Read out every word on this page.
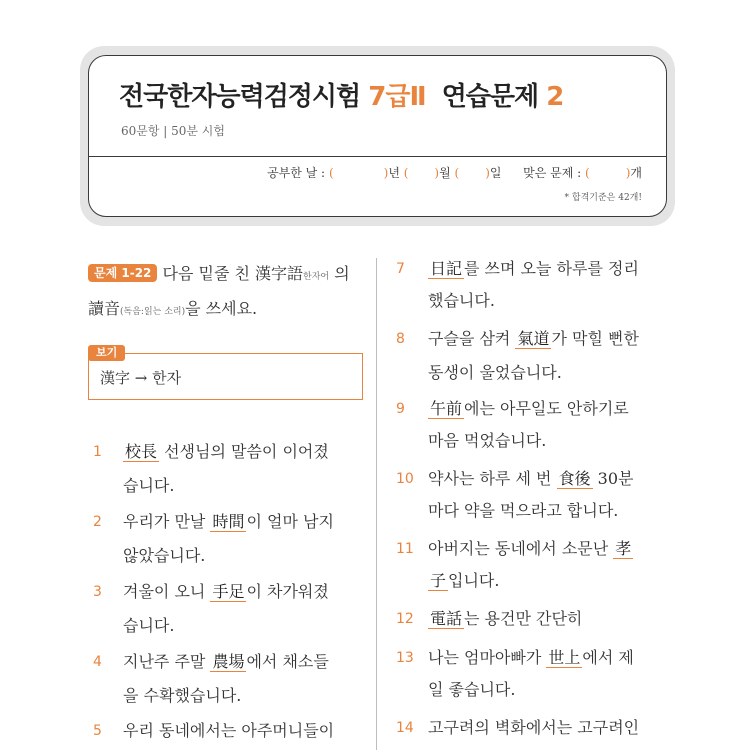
전국한자능력검정시험 7급Ⅱ 연습문제 2
60문항 | 50분 시험
공부한 날 : (	)년 ( )월 ( )일 맞은 문제 : (	)개
* 합격기준은 42개!
문제 1-22 다음 밑줄 친 漢字語한자어 의 讀音(독음:읽는 소리)을 쓰세요.
보기
漢字 → 한자
1	校長 선생님의 말씀이 이어졌
습니다.
2	우리가 만날 時間 이 얼마 남지
않았습니다.
3	겨울이 오니 手足 이 차가워졌
습니다.
4	지난주 주말 農場 에서 채소들
을 수확했습니다.
5	우리 동네에서는 아주머니들이
7	日記 를 쓰며 오늘 하루를 정리
했습니다.
8	구슬을 삼켜 氣道 가 막힐 뻔한
동생이 울었습니다.
9	午前 에는 아무일도 안하기로
마음 먹었습니다.
10 약사는 하루 세 번 食後 30분
마다 약을 먹으라고 합니다.
11 아버지는 동네에서 소문난 孝
子 입니다.
12 電話 는 용건만 간단히
13 나는 엄마아빠가 世上 에서 제
일 좋습니다.
14 고구려의 벽화에서는 고구려인
